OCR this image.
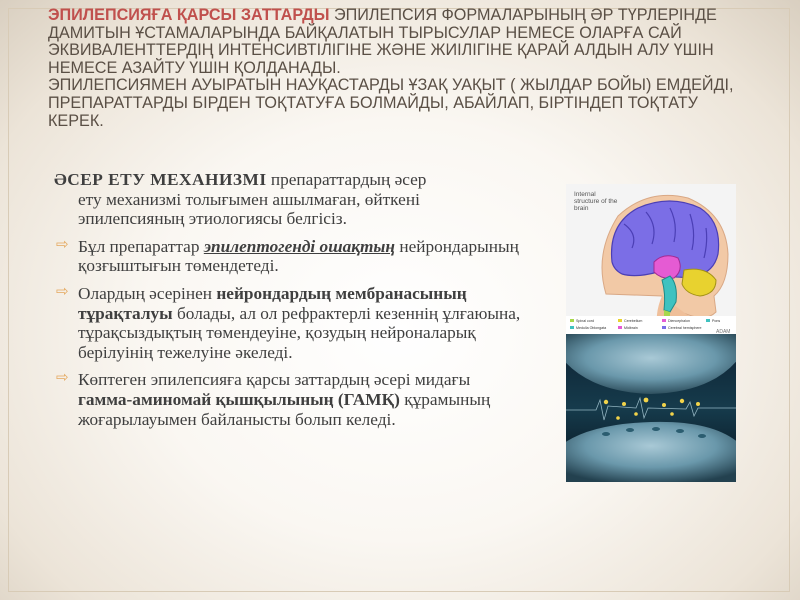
ЭПИЛЕПСИЯҒА ҚАРСЫ ЗАТТАРДЫ ЭПИЛЕПСИЯ ФОРМАЛАРЫНЫҢ ӘР ТҮРЛЕРІНДЕ ДАМИТЫН ҰСТАМАЛАРЫНДА БАЙҚАЛАТЫН ТЫРЫСУЛАР НЕМЕСЕ ОЛАРҒА САЙ ЭКВИВАЛЕНТТЕРДІҢ ИНТЕНСИВТІЛІГІНЕ ЖӘНЕ ЖИІЛІГІНЕ ҚАРАЙ АЛДЫН АЛУ ҮШІН НЕМЕСЕ АЗАЙТУ ҮШІН ҚОЛДАНАДЫ.

ЭПИЛЕПСИЯМЕН АУЫРАТЫН НАУҚАСТАРДЫ ҰЗАҚ УАҚЫТ ( ЖЫЛДАР БОЙЫ) ЕМДЕЙДІ, ПРЕПАРАТТАРДЫ БІРДЕН ТОҚТАТУҒА БОЛМАЙДЫ, АБАЙЛАП, БІРТІНДЕП ТОҚТАТУ КЕРЕК.

ӘСЕР ЕТУ МЕХАНИЗМІ препараттардың әсер
ету механизмі толығымен ашылмаған, өйткені эпилепсияның этиологиясы белгісіз.

⇨ Бұл препараттар эпилептогенді ошақтың нейрондарының қозғыштығын төмендетеді.

⇨ Олардың әсерінен нейрондардың мембранасының тұрақталуы болады, ал ол рефрактерлі кезеннің ұлғаюына, тұрақсыздықтың төмендеуіне, қозудың нейроналарық берілуінің тежелуіне әкеледі.

⇨ Көптеген эпилепсияға қарсы заттардың әсері мидағы гамма-аминомай қышқылының (ГАМҚ) құрамының жоғарылауымен байланысты болып келеді.

Internal structure of the brain
Spinal cord	Cerebellum	Diencephalon	Pons
Medulla Oblongata	Midbrain	Cerebral hemisphere
ADAM
